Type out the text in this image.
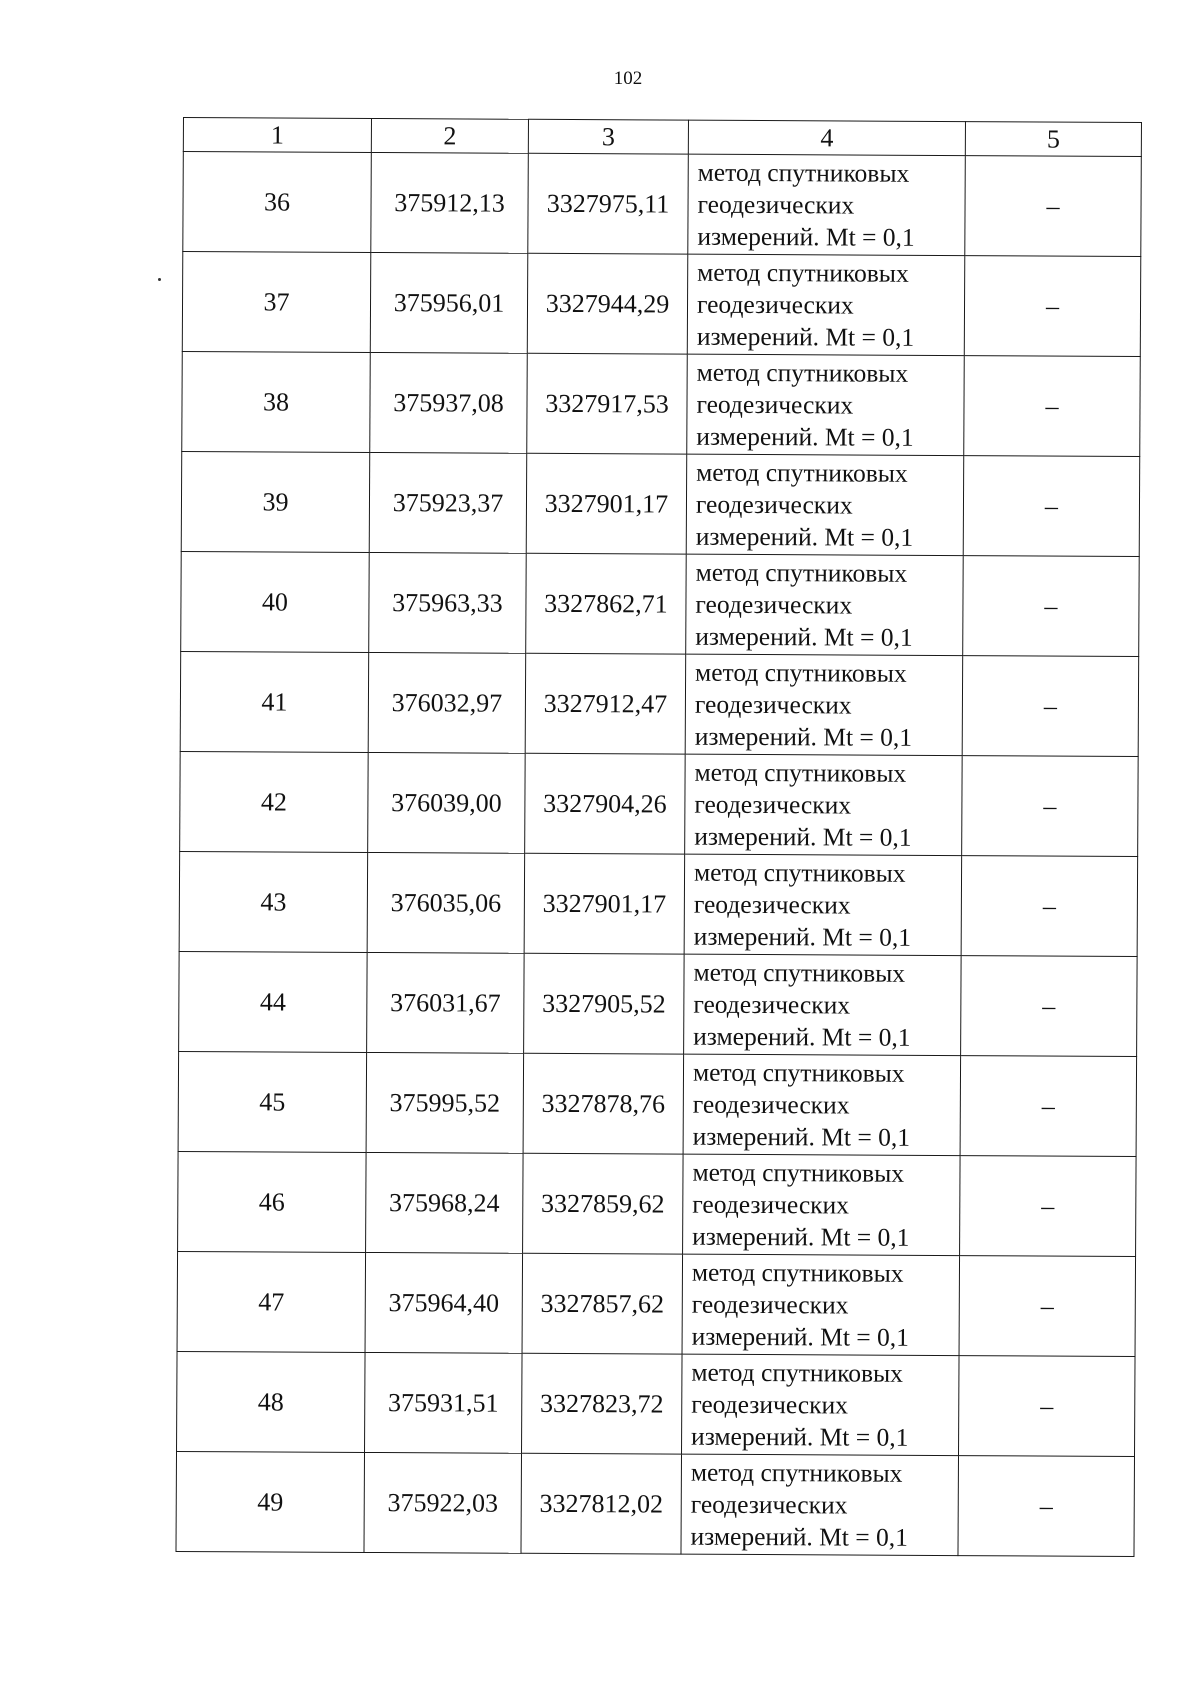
102
1	2	3	4	5
36	375912,13	3327975,11	метод спутниковых
геодезических
измерений. Mt = 0,1	–
37	375956,01	3327944,29	метод спутниковых
геодезических
измерений. Mt = 0,1	–
38	375937,08	3327917,53	метод спутниковых
геодезических
измерений. Mt = 0,1	–
39	375923,37	3327901,17	метод спутниковых
геодезических
измерений. Mt = 0,1	–
40	375963,33	3327862,71	метод спутниковых
геодезических
измерений. Mt = 0,1	–
41	376032,97	3327912,47	метод спутниковых
геодезических
измерений. Mt = 0,1	–
42	376039,00	3327904,26	метод спутниковых
геодезических
измерений. Mt = 0,1	–
43	376035,06	3327901,17	метод спутниковых
геодезических
измерений. Mt = 0,1	–
44	376031,67	3327905,52	метод спутниковых
геодезических
измерений. Mt = 0,1	–
45	375995,52	3327878,76	метод спутниковых
геодезических
измерений. Mt = 0,1	–
46	375968,24	3327859,62	метод спутниковых
геодезических
измерений. Mt = 0,1	–
47	375964,40	3327857,62	метод спутниковых
геодезических
измерений. Mt = 0,1	–
48	375931,51	3327823,72	метод спутниковых
геодезических
измерений. Mt = 0,1	–
49	375922,03	3327812,02	метод спутниковых
геодезических
измерений. Mt = 0,1	–
